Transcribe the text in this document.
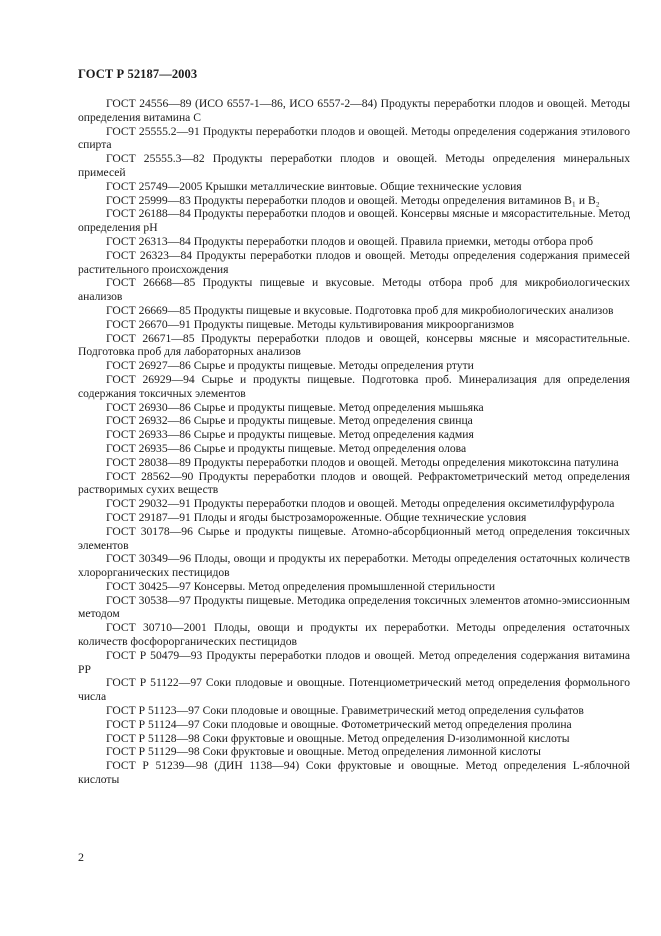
ГОСТ Р 52187—2003

ГОСТ 24556—89 (ИСО 6557-1—86, ИСО 6557-2—84) Продукты переработки плодов и овощей. Методы определения витамина С

ГОСТ 25555.2—91 Продукты переработки плодов и овощей. Методы определения содержания этилового спирта

ГОСТ 25555.3—82 Продукты переработки плодов и овощей. Методы определения минеральных примесей

ГОСТ 25749—2005 Крышки металлические винтовые. Общие технические условия

ГОСТ 25999—83 Продукты переработки плодов и овощей. Методы определения витаминов B₁ и B₂

ГОСТ 26188—84 Продукты переработки плодов и овощей. Консервы мясные и мясорастительные. Метод определения pH

ГОСТ 26313—84 Продукты переработки плодов и овощей. Правила приемки, методы отбора проб

ГОСТ 26323—84 Продукты переработки плодов и овощей. Методы определения содержания примесей растительного происхождения

ГОСТ 26668—85 Продукты пищевые и вкусовые. Методы отбора проб для микробиологических анализов

ГОСТ 26669—85 Продукты пищевые и вкусовые. Подготовка проб для микробиологических анализов

ГОСТ 26670—91 Продукты пищевые. Методы культивирования микроорганизмов

ГОСТ 26671—85 Продукты переработки плодов и овощей, консервы мясные и мясорастительные. Подготовка проб для лабораторных анализов

ГОСТ 26927—86 Сырье и продукты пищевые. Методы определения ртути

ГОСТ 26929—94 Сырье и продукты пищевые. Подготовка проб. Минерализация для определения содержания токсичных элементов

ГОСТ 26930—86 Сырье и продукты пищевые. Метод определения мышьяка

ГОСТ 26932—86 Сырье и продукты пищевые. Метод определения свинца

ГОСТ 26933—86 Сырье и продукты пищевые. Метод определения кадмия

ГОСТ 26935—86 Сырье и продукты пищевые. Метод определения олова

ГОСТ 28038—89 Продукты переработки плодов и овощей. Методы определения микотоксина патулина

ГОСТ 28562—90 Продукты переработки плодов и овощей. Рефрактометрический метод определения растворимых сухих веществ

ГОСТ 29032—91 Продукты переработки плодов и овощей. Методы определения оксиметилфурфурола

ГОСТ 29187—91 Плоды и ягоды быстрозамороженные. Общие технические условия

ГОСТ 30178—96 Сырье и продукты пищевые. Атомно-абсорбционный метод определения токсичных элементов

ГОСТ 30349—96 Плоды, овощи и продукты их переработки. Методы определения остаточных количеств хлорорганических пестицидов

ГОСТ 30425—97 Консервы. Метод определения промышленной стерильности

ГОСТ 30538—97 Продукты пищевые. Методика определения токсичных элементов атомно-эмиссионным методом

ГОСТ 30710—2001 Плоды, овощи и продукты их переработки. Методы определения остаточных количеств фосфорорганических пестицидов

ГОСТ Р 50479—93 Продукты переработки плодов и овощей. Метод определения содержания витамина PP

ГОСТ Р 51122—97 Соки плодовые и овощные. Потенциометрический метод определения формольного числа

ГОСТ Р 51123—97 Соки плодовые и овощные. Гравиметрический метод определения сульфатов

ГОСТ Р 51124—97 Соки плодовые и овощные. Фотометрический метод определения пролина

ГОСТ Р 51128—98 Соки фруктовые и овощные. Метод определения D-изолимонной кислоты

ГОСТ Р 51129—98 Соки фруктовые и овощные. Метод определения лимонной кислоты

ГОСТ Р 51239—98 (ДИН 1138—94) Соки фруктовые и овощные. Метод определения L-яблочной кислоты

2
